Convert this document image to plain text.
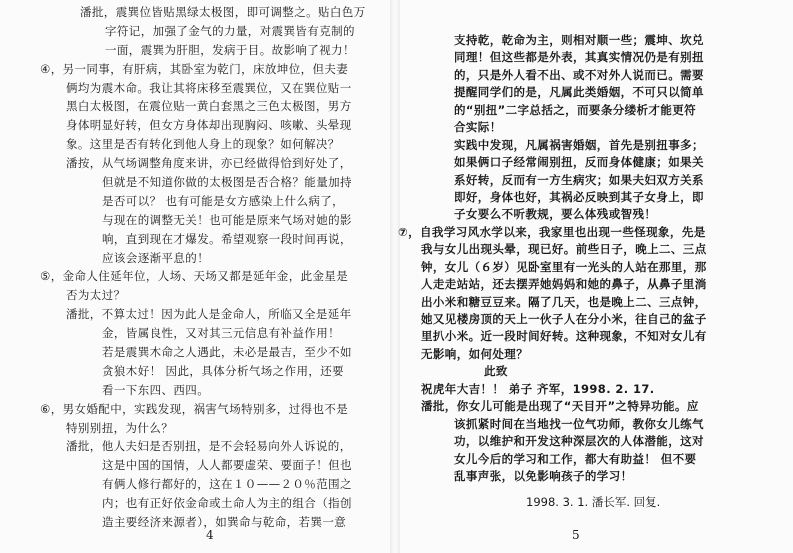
潘批，震巽位皆贴黑绿太极图，即可调整之。贴白色万
字符记，加强了金气的力量，对震巽皆有克制的
一面，震巽为肝胆，发病于目。故影响了视力！
④，另一同事，有肝病，其卧室为乾门，床放坤位，但夫妻
俩均为震木命。我让其将床移至震巽位，又在巽位贴一
黑白太极图，在震位贴一黄白套黑之三色太极图，男方
身体明显好转，但女方身体却出现胸闷、咳嗽、头晕现
象。这里是否有转化到他人身上的现象？如何解决？
潘按，从气场调整角度来讲，亦已经做得恰到好处了，
但就是不知道你做的太极图是否合格？能量加持
是否可以？ 也有可能是女方感染上什么病了，
与现在的调整无关！也可能是原来气场对她的影
响，直到现在才爆发。希望观察一段时间再说，
应该会逐渐平息的！
⑤，金命人住延年位，人场、天场又都是延年金，此金星是
否为太过？
潘批，不算太过！因为此人是金命人，所临又全是延年
金，皆属良性，又对其三元信息有补益作用！
若是震巽木命之人遇此，未必是最吉，至少不如
贪狼木好！ 因此，具体分析气场之作用，还要
看一下东四、西四。
⑥，男女婚配中，实践发现，祸害气场特别多，过得也不是
特别别扭，为什么？
潘批，他人夫妇是否别扭，是不会轻易向外人诉说的，
这是中国的国情，人人都要虚荣、要面子！但也
有俩人修行都好的，这在１０——２０％范围之
内；也有正好依金命或土命人为主的组合（指创
造主要经济来源者），如巽命与乾命，若巽一意
4
支持乾，乾命为主，则相对顺一些；震坤、坎兑
同理！但这些都是外表，其真实情况仍是有别扭
的，只是外人看不出、或不对外人说而已。需要
提醒同学们的是，凡属此类婚姻，不可只以简单
的“别扭”二字总括之，而要条分缕析才能更符
合实际！
实践中发现，凡属祸害婚姻，首先是别扭事多；
如果俩口子经常闹别扭，反而身体健康；如果关
系好转，反而有一方生病灾；如果夫妇双方关系
即好，身体也好，其祸必反映到其子女身上，即
子女要么不听教规，要么体残或智残！
⑦，自我学习风水学以来，我家里也出现一些怪现象，先是
我与女儿出现头晕，现已好。前些日子，晚上二、三点
钟，女儿（６岁）见卧室里有一光头的人站在那里，那
人走走站站，还去摆弄她妈妈和她的鼻子，从鼻子里淌
出小米和糖豆豆来。隔了几天，也是晚上二、三点钟，
她又见楼房顶的天上一伙子人在分小米，往自己的盆子
里扒小米。近一段时间好转。这种现象，不知对女儿有
无影响，如何处理？
此致
祝虎年大吉！！ 弟子 齐军，1998. 2. 17.
潘批，你女儿可能是出现了“天目开”之特异功能。应
该抓紧时间在当地找一位气功师，教你女儿练气
功，以维护和开发这种深层次的人体潜能，这对
女儿今后的学习和工作，都大有助益！ 但不要
乱事声张，以免影响孩子的学习！
1998. 3. 1. 潘长军. 回复.
5
